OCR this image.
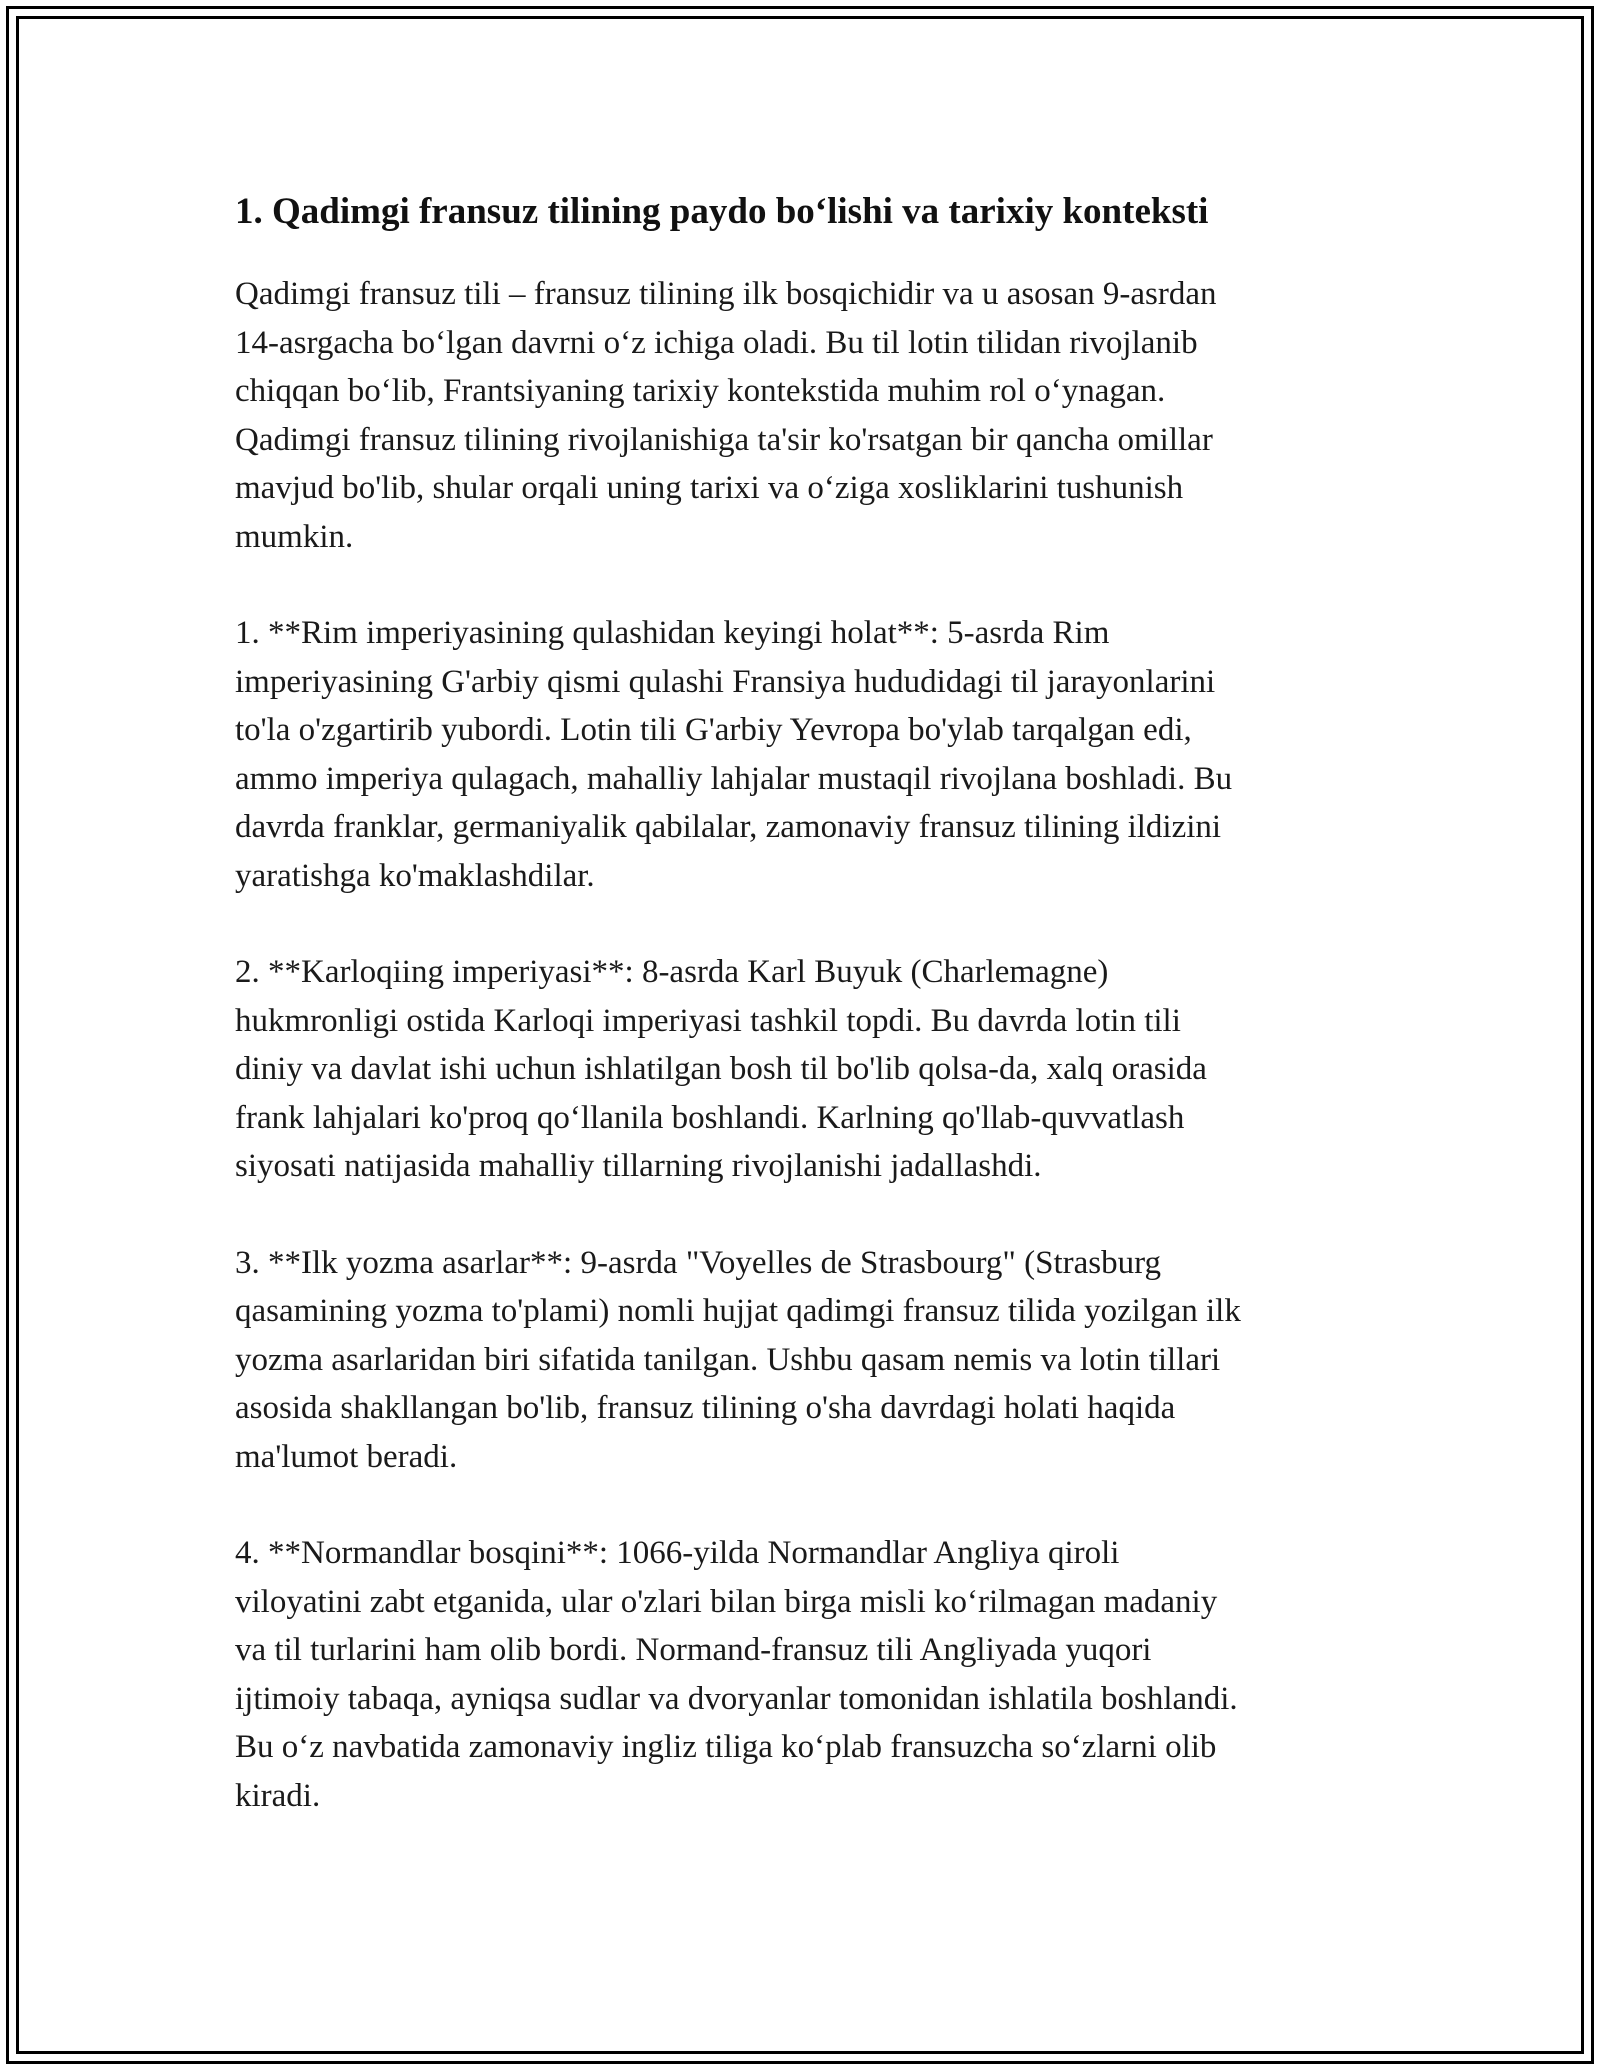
1. Qadimgi fransuz tilining paydo bo‘lishi va tarixiy konteksti

Qadimgi fransuz tili – fransuz tilining ilk bosqichidir va u asosan 9-asrdan
14-asrgacha bo‘lgan davrni o‘z ichiga oladi. Bu til lotin tilidan rivojlanib
chiqqan bo‘lib, Frantsiyaning tarixiy kontekstida muhim rol o‘ynagan.
Qadimgi fransuz tilining rivojlanishiga ta'sir ko'rsatgan bir qancha omillar
mavjud bo'lib, shular orqali uning tarixi va o‘ziga xosliklarini tushunish
mumkin.

1. **Rim imperiyasining qulashidan keyingi holat**: 5-asrda Rim
imperiyasining G'arbiy qismi qulashi Fransiya hududidagi til jarayonlarini
to'la o'zgartirib yubordi. Lotin tili G'arbiy Yevropa bo'ylab tarqalgan edi,
ammo imperiya qulagach, mahalliy lahjalar mustaqil rivojlana boshladi. Bu
davrda franklar, germaniyalik qabilalar, zamonaviy fransuz tilining ildizini
yaratishga ko'maklashdilar.

2. **Karloqiing imperiyasi**: 8-asrda Karl Buyuk (Charlemagne)
hukmronligi ostida Karloqi imperiyasi tashkil topdi. Bu davrda lotin tili
diniy va davlat ishi uchun ishlatilgan bosh til bo'lib qolsa-da, xalq orasida
frank lahjalari ko'proq qo‘llanila boshlandi. Karlning qo'llab-quvvatlash
siyosati natijasida mahalliy tillarning rivojlanishi jadallashdi.

3. **Ilk yozma asarlar**: 9-asrda "Voyelles de Strasbourg" (Strasburg
qasamining yozma to'plami) nomli hujjat qadimgi fransuz tilida yozilgan ilk
yozma asarlaridan biri sifatida tanilgan. Ushbu qasam nemis va lotin tillari
asosida shakllangan bo'lib, fransuz tilining o'sha davrdagi holati haqida
ma'lumot beradi.

4. **Normandlar bosqini**: 1066-yilda Normandlar Angliya qiroli
viloyatini zabt etganida, ular o'zlari bilan birga misli ko‘rilmagan madaniy
va til turlarini ham olib bordi. Normand-fransuz tili Angliyada yuqori
ijtimoiy tabaqa, ayniqsa sudlar va dvoryanlar tomonidan ishlatila boshlandi.
Bu o‘z navbatida zamonaviy ingliz tiliga ko‘plab fransuzcha so‘zlarni olib
kiradi.
